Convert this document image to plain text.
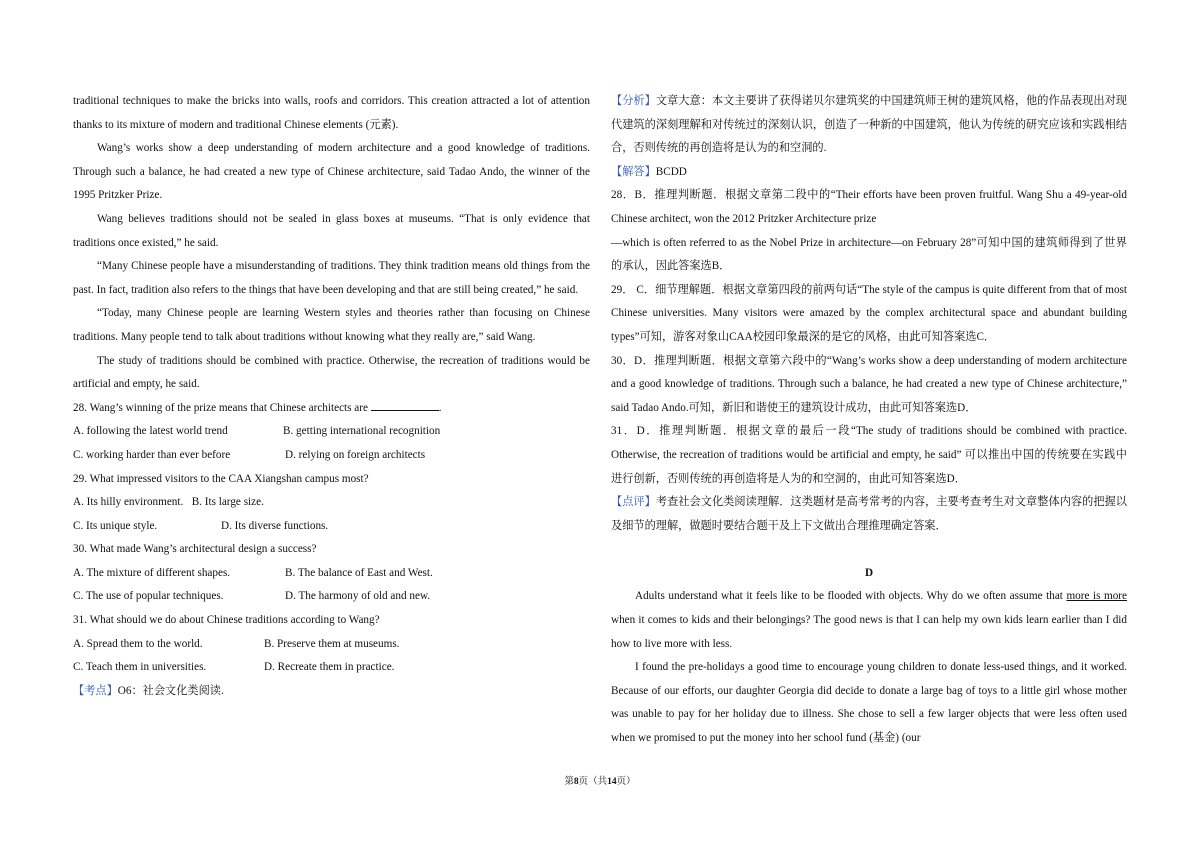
traditional techniques to make the bricks into walls, roofs and corridors. This creation attracted a lot of attention thanks to its mixture of modern and traditional Chinese elements (元素).

Wang’s works show a deep understanding of modern architecture and a good knowledge of traditions. Through such a balance, he had created a new type of Chinese architecture, said Tadao Ando, the winner of the 1995 Pritzker Prize.

Wang believes traditions should not be sealed in glass boxes at museums. “That is only evidence that traditions once existed,” he said.

“Many Chinese people have a misunderstanding of traditions. They think tradition means old things from the past. In fact, tradition also refers to the things that have been developing and that are still being created,” he said.

“Today, many Chinese people are learning Western styles and theories rather than focusing on Chinese traditions. Many people tend to talk about traditions without knowing what they really are,” said Wang.

The study of traditions should be combined with practice. Otherwise, the recreation of traditions would be artificial and empty, he said.

28. Wang’s winning of the prize means that Chinese architects are	.

A. following the latest world trend	B. getting international recognition

C. working harder than ever before	D. relying on foreign architects

29. What impressed visitors to the CAA Xiangshan campus most?

A. Its hilly environment.   B. Its large size.

C. Its unique style.	D. Its diverse functions.

30. What made Wang’s architectural design a success?

A. The mixture of different shapes.	B. The balance of East and West.

C. The use of popular techniques.	D. The harmony of old and new.

31. What should we do about Chinese traditions according to Wang?

A. Spread them to the world.	B. Preserve them at museums.

C. Teach them in universities.	D. Recreate them in practice.

【考点】O6：社会文化类阅读.

【分析】文章大意：本文主要讲了获得诺贝尔建筑奖的中国建筑师王树的建筑风格，他的作品表现出对现代建筑的深刻理解和对传统过的深刻认识，创造了一种新的中国建筑，他认为传统的研究应该和实践相结合，否则传统的再创造将是认为的和空洞的.

【解答】BCDD

28．B．推理判断题．根据文章第二段中的“Their efforts have been proven fruitful. Wang Shu a 49-year-old Chinese architect, won the 2012 Pritzker Architecture prize

—which is often referred to as the Nobel Prize in architecture—on February 28”可知中国的建筑师得到了世界的承认，因此答案选B．

29． C．细节理解题．根据文章第四段的前两句话“The style of the campus is quite different from that of most Chinese universities. Many visitors were amazed by the complex architectural space and abundant building types”可知，游客对象山CAA校园印象最深的是它的风格，由此可知答案选C．

30．D．推理判断题．根据文章第六段中的“Wang’s works show a deep understanding of modern architecture and a good knowledge of traditions. Through such a balance, he had created a new type of Chinese architecture,” said Tadao Ando.可知，新旧和谐使王的建筑设计成功，由此可知答案选D．

31．D．推理判断题．根据文章的最后一段“The study of traditions should be combined with practice. Otherwise, the recreation of traditions would be artificial and empty, he said” 可以推出中国的传统要在实践中进行创新，否则传统的再创造将是人为的和空洞的，由此可知答案选D．

【点评】考查社会文化类阅读理解．这类题材是高考常考的内容，主要考查考生对文章整体内容的把握以及细节的理解，做题时要结合题干及上下文做出合理推理确定答案．

D

Adults understand what it feels like to be flooded with objects. Why do we often assume that more is more when it comes to kids and their belongings? The good news is that I can help my own kids learn earlier than I did how to live more with less.

I found the pre-holidays a good time to encourage young children to donate less-used things, and it worked. Because of our efforts, our daughter Georgia did decide to donate a large bag of toys to a little girl whose mother was unable to pay for her holiday due to illness. She chose to sell a few larger objects that were less often used when we promised to put the money into her school fund (基金) (our

第8页（共14页）
